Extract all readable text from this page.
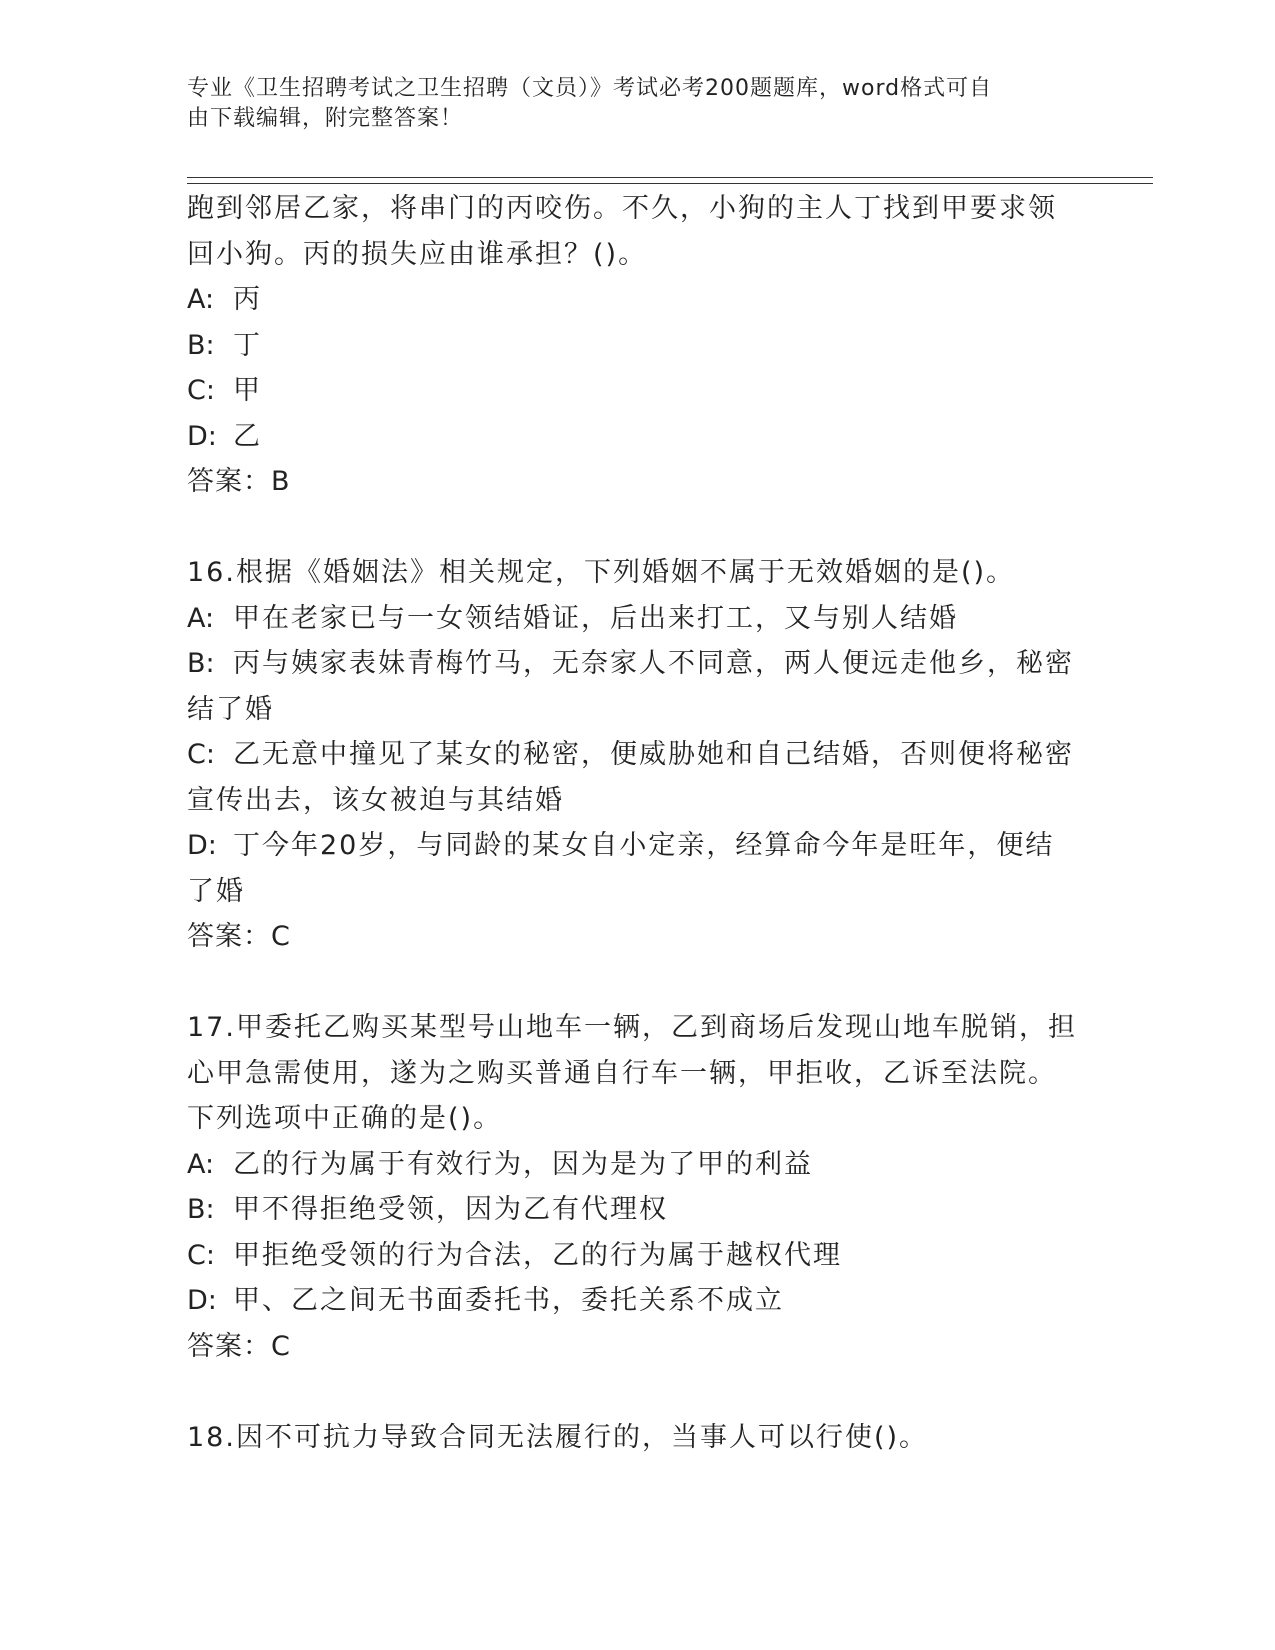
专业《卫生招聘考试之卫生招聘（文员）》考试必考200题题库，word格式可自
由下载编辑，附完整答案！
跑到邻居乙家，将串门的丙咬伤。不久，小狗的主人丁找到甲要求领
回小狗。丙的损失应由谁承担？()。
A: 丙
B: 丁
C: 甲
D: 乙
答案：B
16.根据《婚姻法》相关规定，下列婚姻不属于无效婚姻的是()。
A: 甲在老家已与一女领结婚证，后出来打工，又与别人结婚
B: 丙与姨家表妹青梅竹马，无奈家人不同意，两人便远走他乡，秘密
结了婚
C: 乙无意中撞见了某女的秘密，便威胁她和自己结婚，否则便将秘密
宣传出去，该女被迫与其结婚
D: 丁今年20岁，与同龄的某女自小定亲，经算命今年是旺年，便结
了婚
答案：C
17.甲委托乙购买某型号山地车一辆，乙到商场后发现山地车脱销，担
心甲急需使用，遂为之购买普通自行车一辆，甲拒收，乙诉至法院。
下列选项中正确的是()。
A: 乙的行为属于有效行为，因为是为了甲的利益
B: 甲不得拒绝受领，因为乙有代理权
C: 甲拒绝受领的行为合法，乙的行为属于越权代理
D: 甲、乙之间无书面委托书，委托关系不成立
答案：C
18.因不可抗力导致合同无法履行的，当事人可以行使()。
